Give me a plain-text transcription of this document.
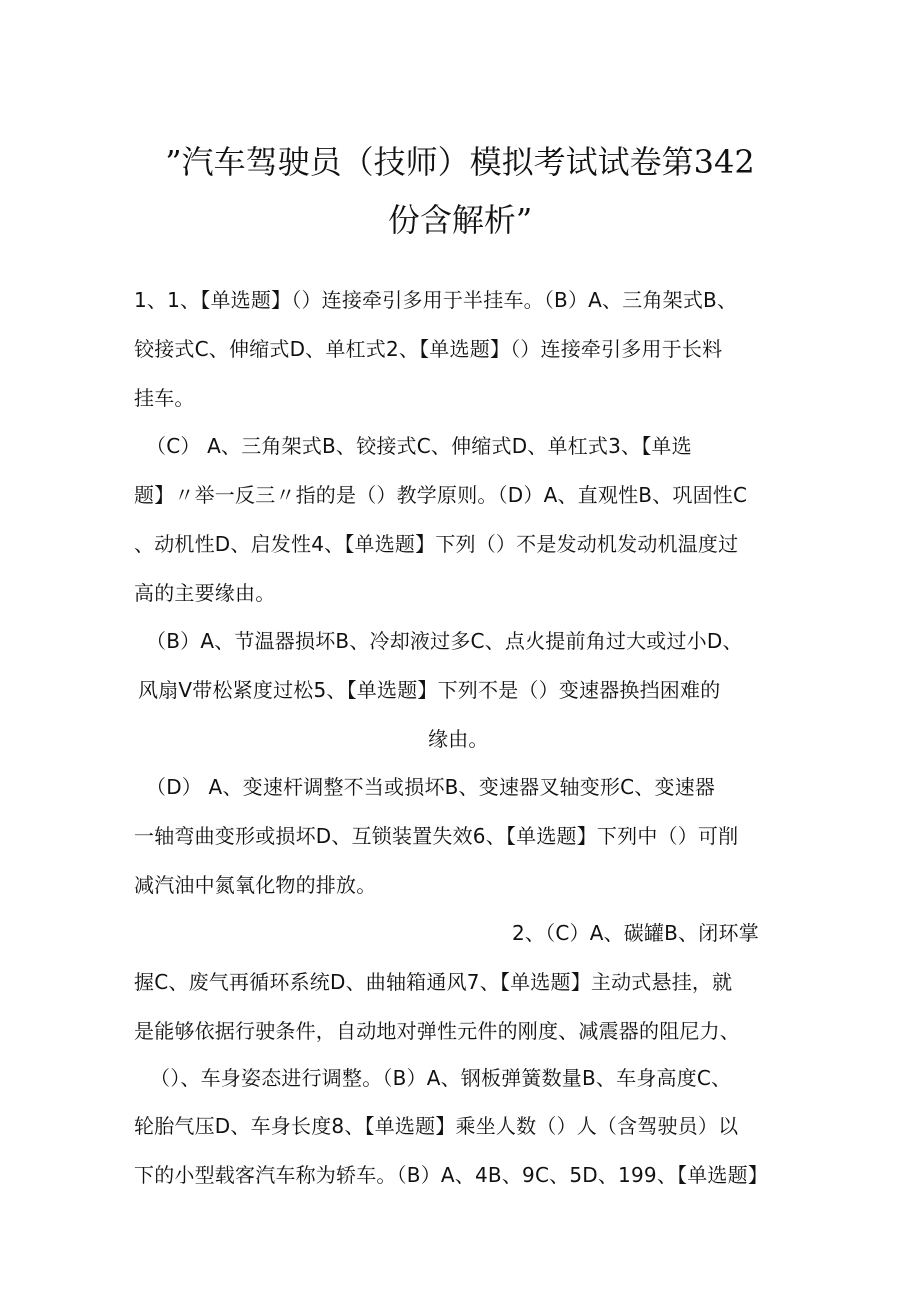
”汽车驾驶员（技师）模拟考试试卷第342
份含解析”
1、1、【单选题】（）连接牵引多用于半挂车。（B）A、三角架式B、
铰接式C、伸缩式D、单杠式2、【单选题】（）连接牵引多用于长料
挂车。
（C） A、三角架式B、铰接式C、伸缩式D、单杠式3、【单选
题】〃举一反三〃指的是（）教学原则。（D）A、直观性B、巩固性C
、动机性D、启发性4、【单选题】下列（）不是发动机发动机温度过
高的主要缘由。
（B）A、节温器损坏B、冷却液过多C、点火提前角过大或过小D、
风扇V带松紧度过松5、【单选题】下列不是（）变速器换挡困难的
缘由。
（D） A、变速杆调整不当或损坏B、变速器叉轴变形C、变速器
一轴弯曲变形或损坏D、互锁装置失效6、【单选题】下列中（）可削
减汽油中氮氧化物的排放。
2、（C）A、碳罐B、闭环掌
握C、废气再循环系统D、曲轴箱通风7、【单选题】主动式悬挂，就
是能够依据行驶条件，自动地对弹性元件的刚度、减震器的阻尼力、
（）、车身姿态进行调整。（B）A、钢板弹簧数量B、车身高度C、
轮胎气压D、车身长度8、【单选题】乘坐人数（）人（含驾驶员）以
下的小型载客汽车称为轿车。（B）A、4B、9C、5D、199、【单选题】
